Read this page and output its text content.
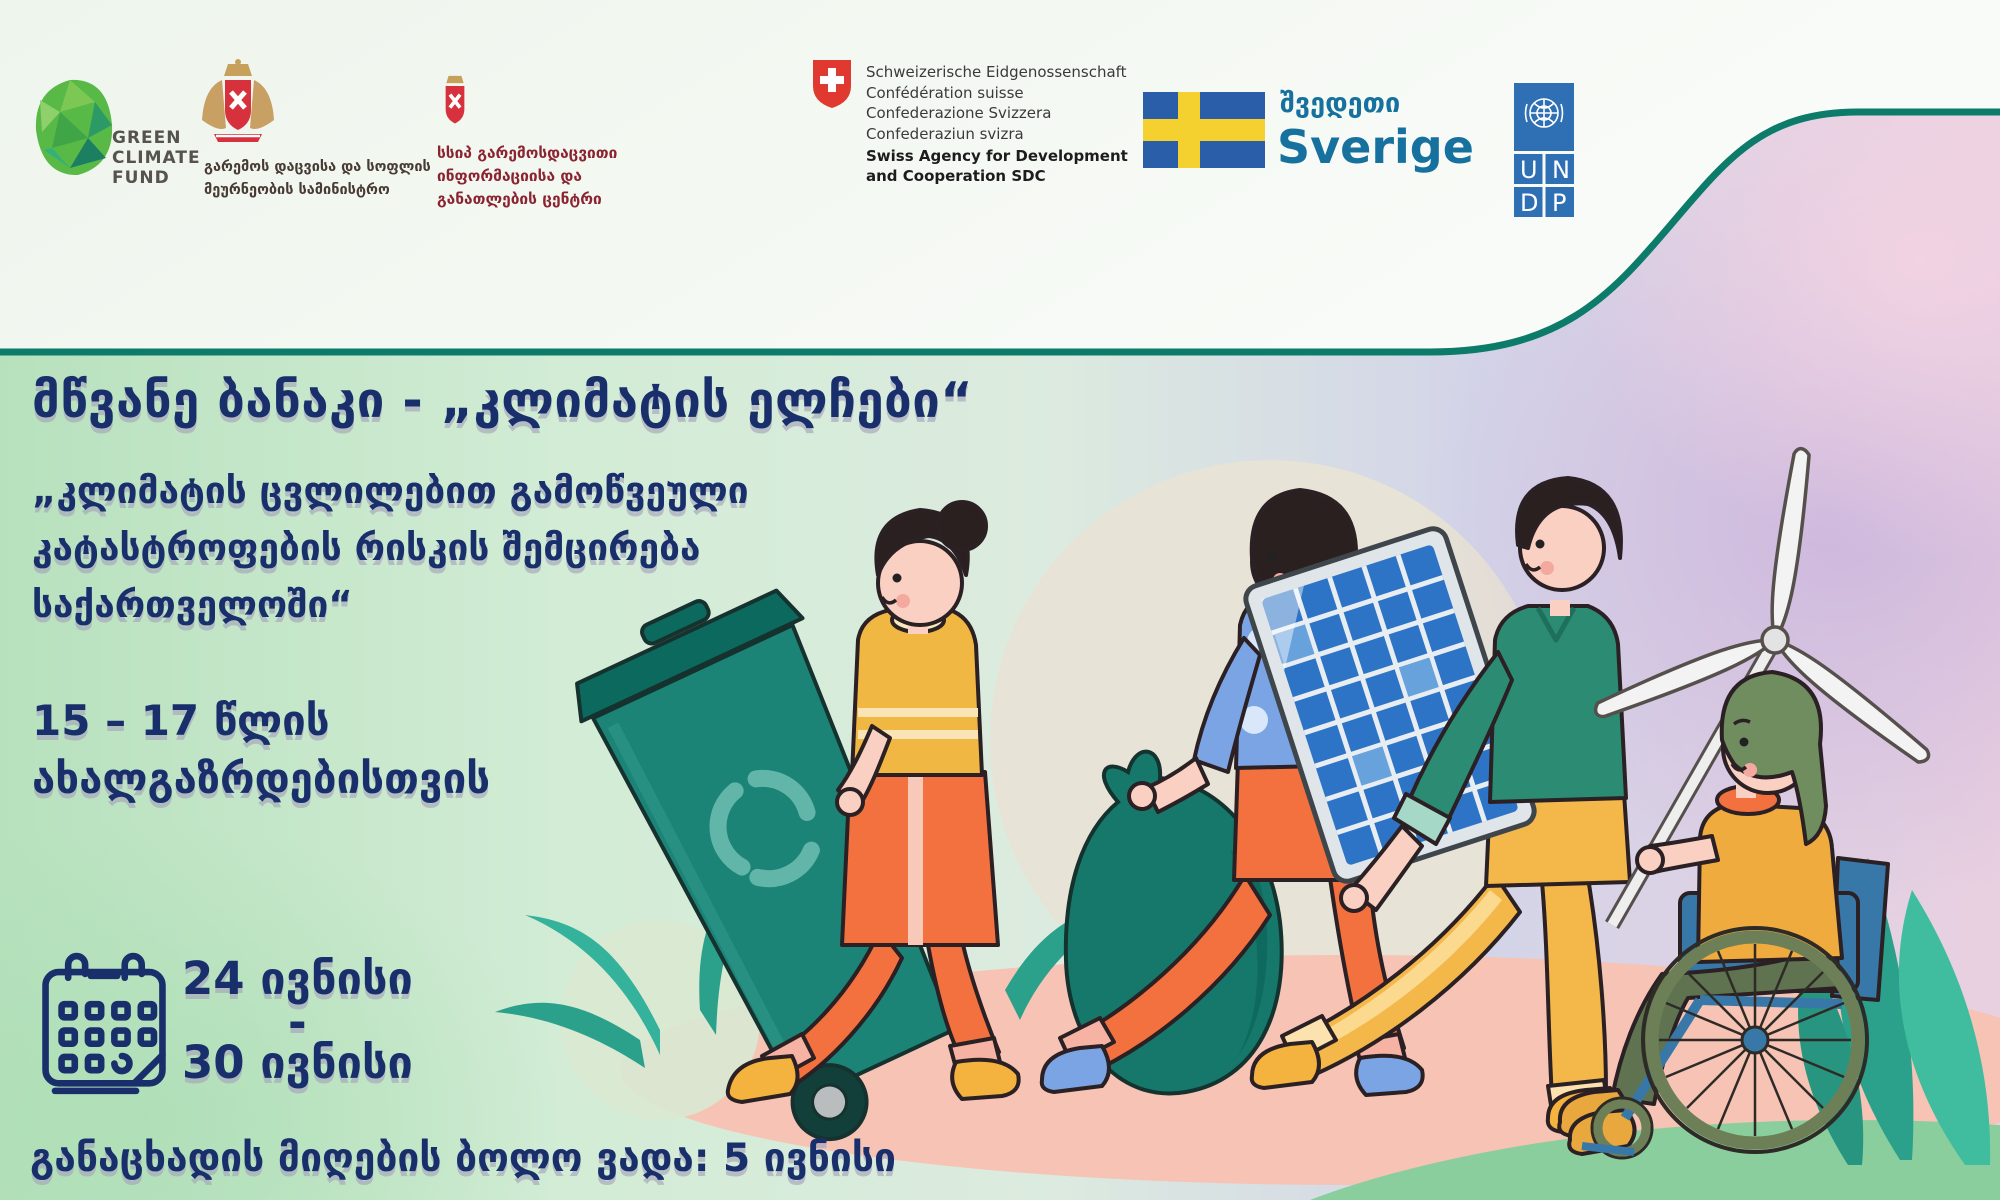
GREEN
CLIMATE
FUND
გარემოს დაცვისა და სოფლის
მეურნეობის სამინისტრო
სსიპ გარემოსდაცვითი
ინფორმაციისა და
განათლების ცენტრი
Schweizerische Eidgenossenschaft
Confédération suisse
Confederazione Svizzera
Confederaziun svizra
Swiss Agency for Development
and Cooperation SDC
შვედეთი
Sverige U N
D P
მწვანე ბანაკი - „კლიმატის ელჩები“
„კლიმატის ცვლილებით გამოწვეული
კატასტროფების რისკის შემცირება
საქართველოში“
15 – 17 წლის
ახალგაზრდებისთვის
24 ივნისი
-
30 ივნისი
განაცხადის მიღების ბოლო ვადა: 5 ივნისი
